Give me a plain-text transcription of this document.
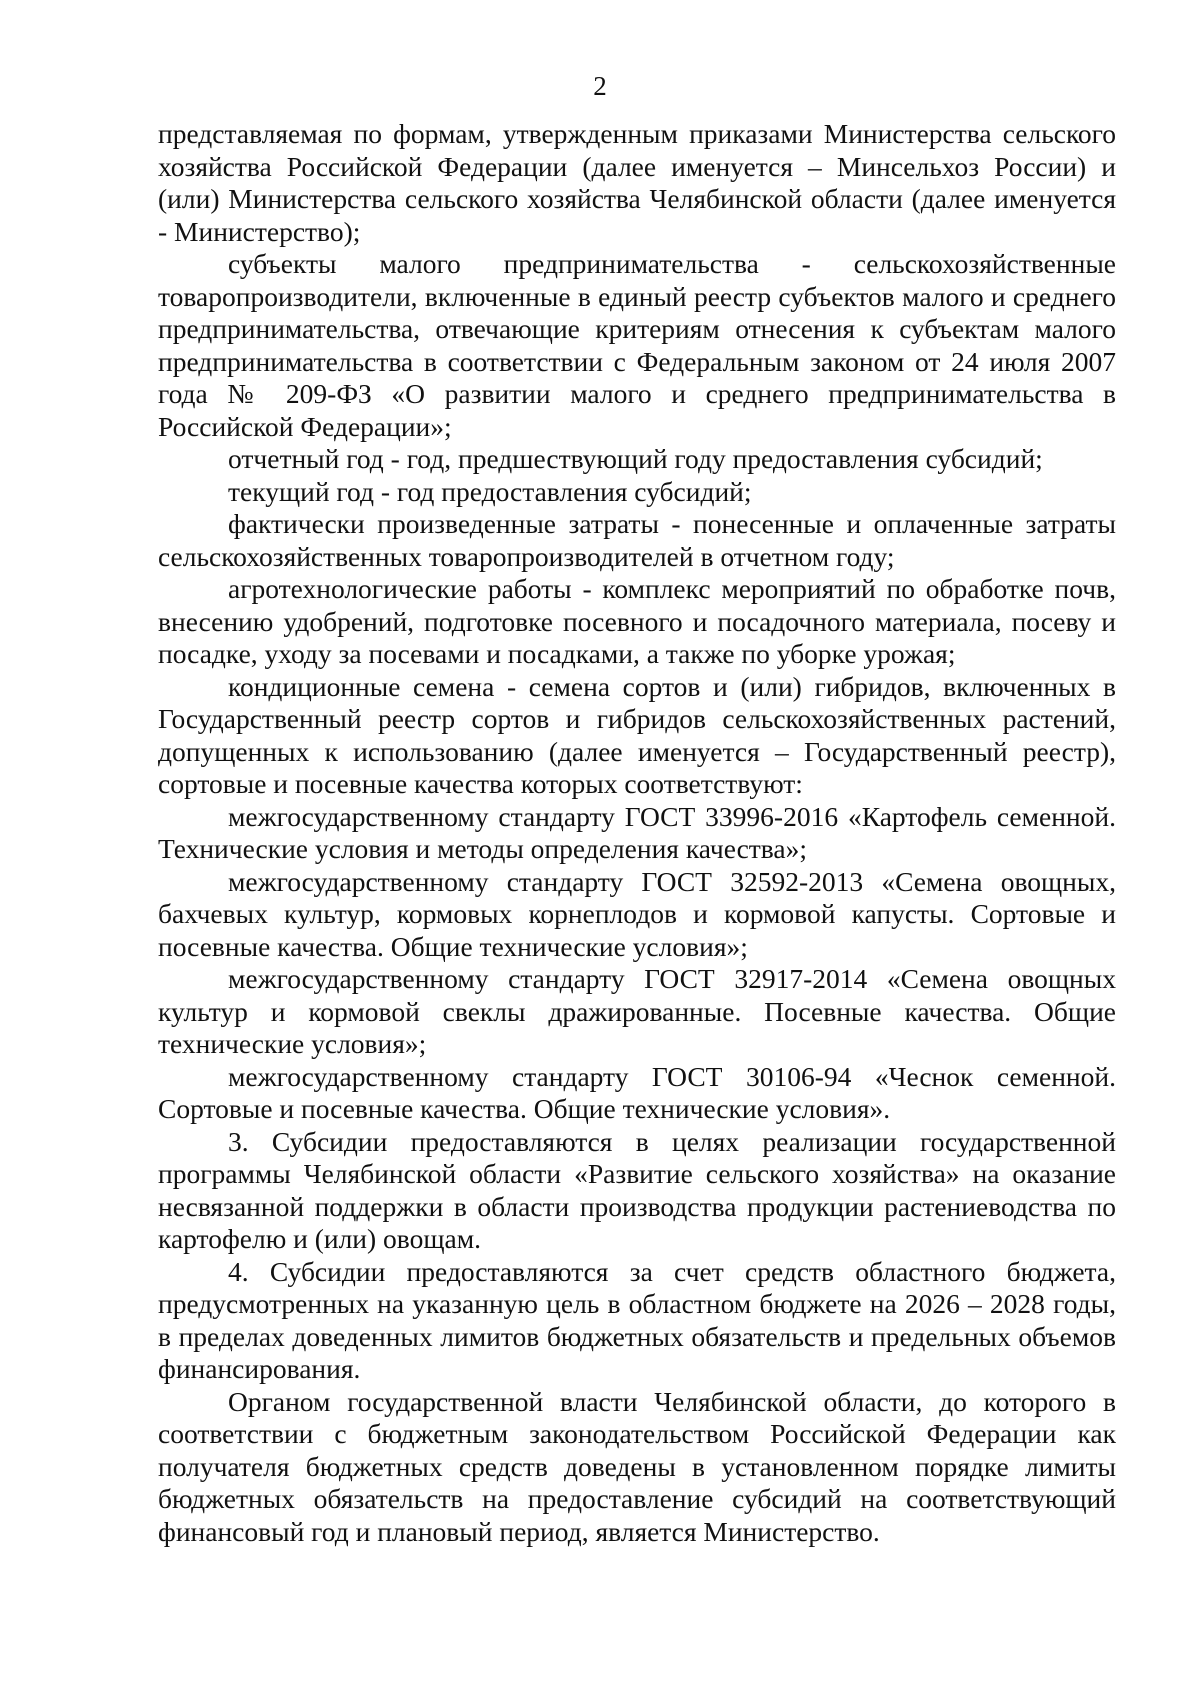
2

представляемая по формам, утвержденным приказами Министерства сельского хозяйства Российской Федерации (далее именуется – Минсельхоз России) и (или) Министерства сельского хозяйства Челябинской области (далее именуется - Министерство);

субъекты малого предпринимательства - сельскохозяйственные товаропроизводители, включенные в единый реестр субъектов малого и среднего предпринимательства, отвечающие критериям отнесения к субъектам малого предпринимательства в соответствии с Федеральным законом от 24 июля 2007 года № 209-ФЗ «О развитии малого и среднего предпринимательства в Российской Федерации»;

отчетный год - год, предшествующий году предоставления субсидий;

текущий год - год предоставления субсидий;

фактически произведенные затраты - понесенные и оплаченные затраты сельскохозяйственных товаропроизводителей в отчетном году;

агротехнологические работы - комплекс мероприятий по обработке почв, внесению удобрений, подготовке посевного и посадочного материала, посеву и посадке, уходу за посевами и посадками, а также по уборке урожая;

кондиционные семена - семена сортов и (или) гибридов, включенных в Государственный реестр сортов и гибридов сельскохозяйственных растений, допущенных к использованию (далее именуется – Государственный реестр), сортовые и посевные качества которых соответствуют:

межгосударственному стандарту ГОСТ 33996-2016 «Картофель семенной. Технические условия и методы определения качества»;

межгосударственному стандарту ГОСТ 32592-2013 «Семена овощных, бахчевых культур, кормовых корнеплодов и кормовой капусты. Сортовые и посевные качества. Общие технические условия»;

межгосударственному стандарту ГОСТ 32917-2014 «Семена овощных культур и кормовой свеклы дражированные. Посевные качества. Общие технические условия»;

межгосударственному стандарту ГОСТ 30106-94 «Чеснок семенной. Сортовые и посевные качества. Общие технические условия».

3. Субсидии предоставляются в целях реализации государственной программы Челябинской области «Развитие сельского хозяйства» на оказание несвязанной поддержки в области производства продукции растениеводства по картофелю и (или) овощам.

4. Субсидии предоставляются за счет средств областного бюджета, предусмотренных на указанную цель в областном бюджете на 2026 – 2028 годы, в пределах доведенных лимитов бюджетных обязательств и предельных объемов финансирования.

Органом государственной власти Челябинской области, до которого в соответствии с бюджетным законодательством Российской Федерации как получателя бюджетных средств доведены в установленном порядке лимиты бюджетных обязательств на предоставление субсидий на соответствующий финансовый год и плановый период, является Министерство.
